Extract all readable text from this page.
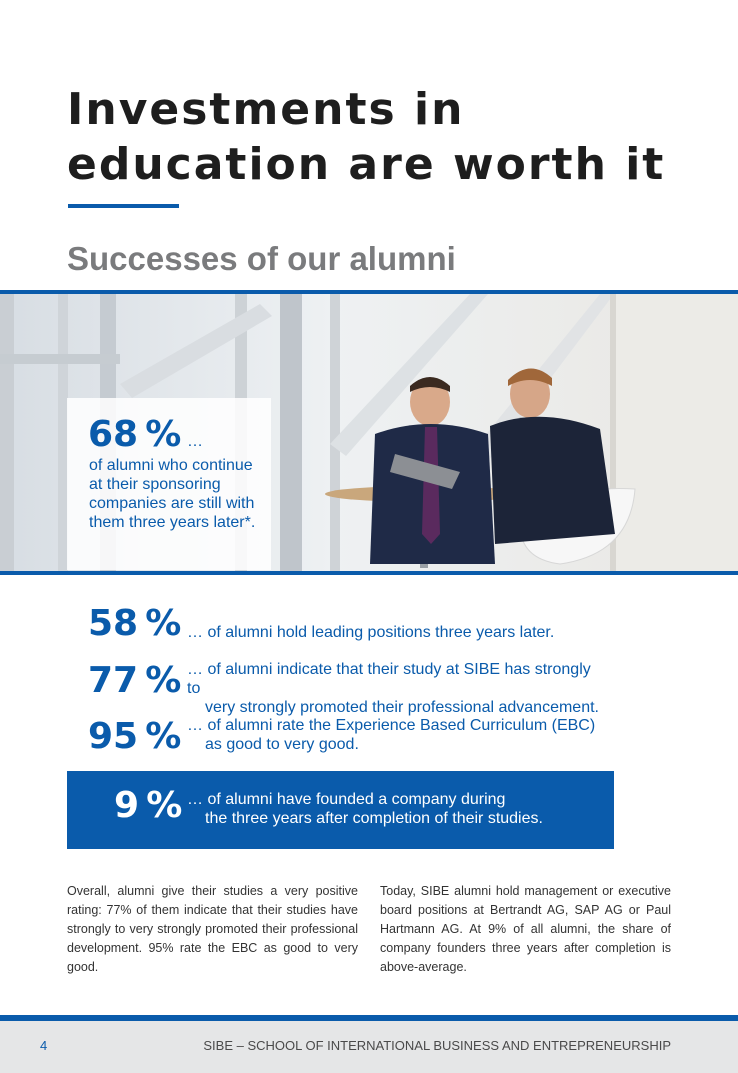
Investments in
education are worth it
Successes of our alumni
68 % …
of alumni who continue at their sponsoring companies are still with them three years later*.
58 % … of alumni hold leading positions three years later.
77 % … of alumni indicate that their study at SIBE has strongly to
very strongly promoted their professional advancement.
95 % … of alumni rate the Experience Based Curriculum (EBC)
as good to very good.
9 % … of alumni have founded a company during
the three years after completion of their studies.

Overall, alumni give their studies a very positive rating: 77% of them indicate that their studies have strongly to very strongly promoted their professional development. 95% rate the EBC as good to very good.

Today, SIBE alumni hold management or executive board positions at Bertrandt AG, SAP AG or Paul Hartmann AG. At 9% of all alumni, the share of company founders three years after completion is above-average.

4	SIBE – SCHOOL OF INTERNATIONAL BUSINESS AND ENTREPRENEURSHIP
